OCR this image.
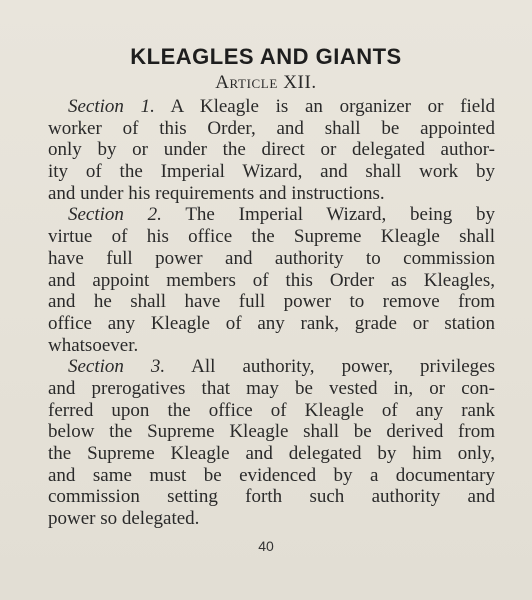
KLEAGLES AND GIANTS
Article XII.
Section 1. A Kleagle is an organizer or field
worker of this Order, and shall be appointed
only by or under the direct or delegated author-
ity of the Imperial Wizard, and shall work by
and under his requirements and instructions.
Section 2. The Imperial Wizard, being by
virtue of his office the Supreme Kleagle shall
have full power and authority to commission
and appoint members of this Order as Kleagles,
and he shall have full power to remove from
office any Kleagle of any rank, grade or station
whatsoever.
Section 3. All authority, power, privileges
and prerogatives that may be vested in, or con-
ferred upon the office of Kleagle of any rank
below the Supreme Kleagle shall be derived from
the Supreme Kleagle and delegated by him only,
and same must be evidenced by a documentary
commission setting forth such authority and
power so delegated.
40
